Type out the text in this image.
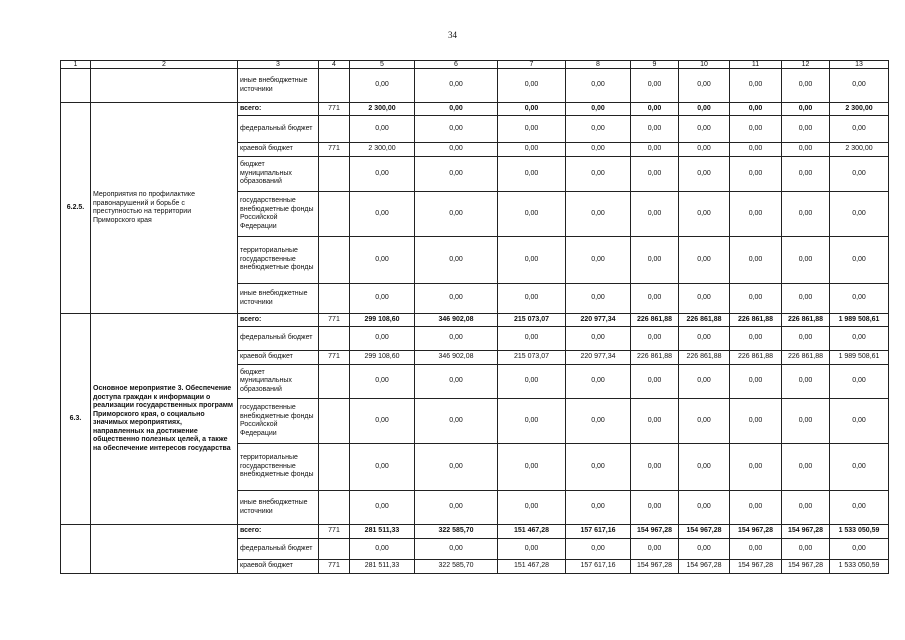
34
1	2	3	4	5	6	7	8	9	10	11	12	13
		иные внебюджетные источники		0,00	0,00	0,00	0,00	0,00	0,00	0,00	0,00	0,00
6.2.5.	Мероприятия по профилактике правонарушений и борьбе с преступностью на территории Приморского края	всего:	771	2 300,00	0,00	0,00	0,00	0,00	0,00	0,00	0,00	2 300,00
		федеральный бюджет		0,00	0,00	0,00	0,00	0,00	0,00	0,00	0,00	0,00
		краевой бюджет	771	2 300,00	0,00	0,00	0,00	0,00	0,00	0,00	0,00	2 300,00
		бюджет муниципальных образований		0,00	0,00	0,00	0,00	0,00	0,00	0,00	0,00	0,00
		государственные внебюджетные фонды Российской Федерации		0,00	0,00	0,00	0,00	0,00	0,00	0,00	0,00	0,00
		территориальные государственные внебюджетные фонды		0,00	0,00	0,00	0,00	0,00	0,00	0,00	0,00	0,00
		иные внебюджетные источники		0,00	0,00	0,00	0,00	0,00	0,00	0,00	0,00	0,00
6.3.	Основное мероприятие 3. Обеспечение доступа граждан к информации о реализации государственных программ Приморского края, о социально значимых мероприятиях, направленных на достижение общественно полезных целей, а также на обеспечение интересов государства	всего:	771	299 108,60	346 902,08	215 073,07	220 977,34	226 861,88	226 861,88	226 861,88	226 861,88	1 989 508,61
		федеральный бюджет		0,00	0,00	0,00	0,00	0,00	0,00	0,00	0,00	0,00
		краевой бюджет	771	299 108,60	346 902,08	215 073,07	220 977,34	226 861,88	226 861,88	226 861,88	226 861,88	1 989 508,61
		бюджет муниципальных образований		0,00	0,00	0,00	0,00	0,00	0,00	0,00	0,00	0,00
		государственные внебюджетные фонды Российской Федерации		0,00	0,00	0,00	0,00	0,00	0,00	0,00	0,00	0,00
		территориальные государственные внебюджетные фонды		0,00	0,00	0,00	0,00	0,00	0,00	0,00	0,00	0,00
		иные внебюджетные источники		0,00	0,00	0,00	0,00	0,00	0,00	0,00	0,00	0,00
		всего:	771	281 511,33	322 585,70	151 467,28	157 617,16	154 967,28	154 967,28	154 967,28	154 967,28	1 533 050,59
		федеральный бюджет		0,00	0,00	0,00	0,00	0,00	0,00	0,00	0,00	0,00
		краевой бюджет	771	281 511,33	322 585,70	151 467,28	157 617,16	154 967,28	154 967,28	154 967,28	154 967,28	1 533 050,59
